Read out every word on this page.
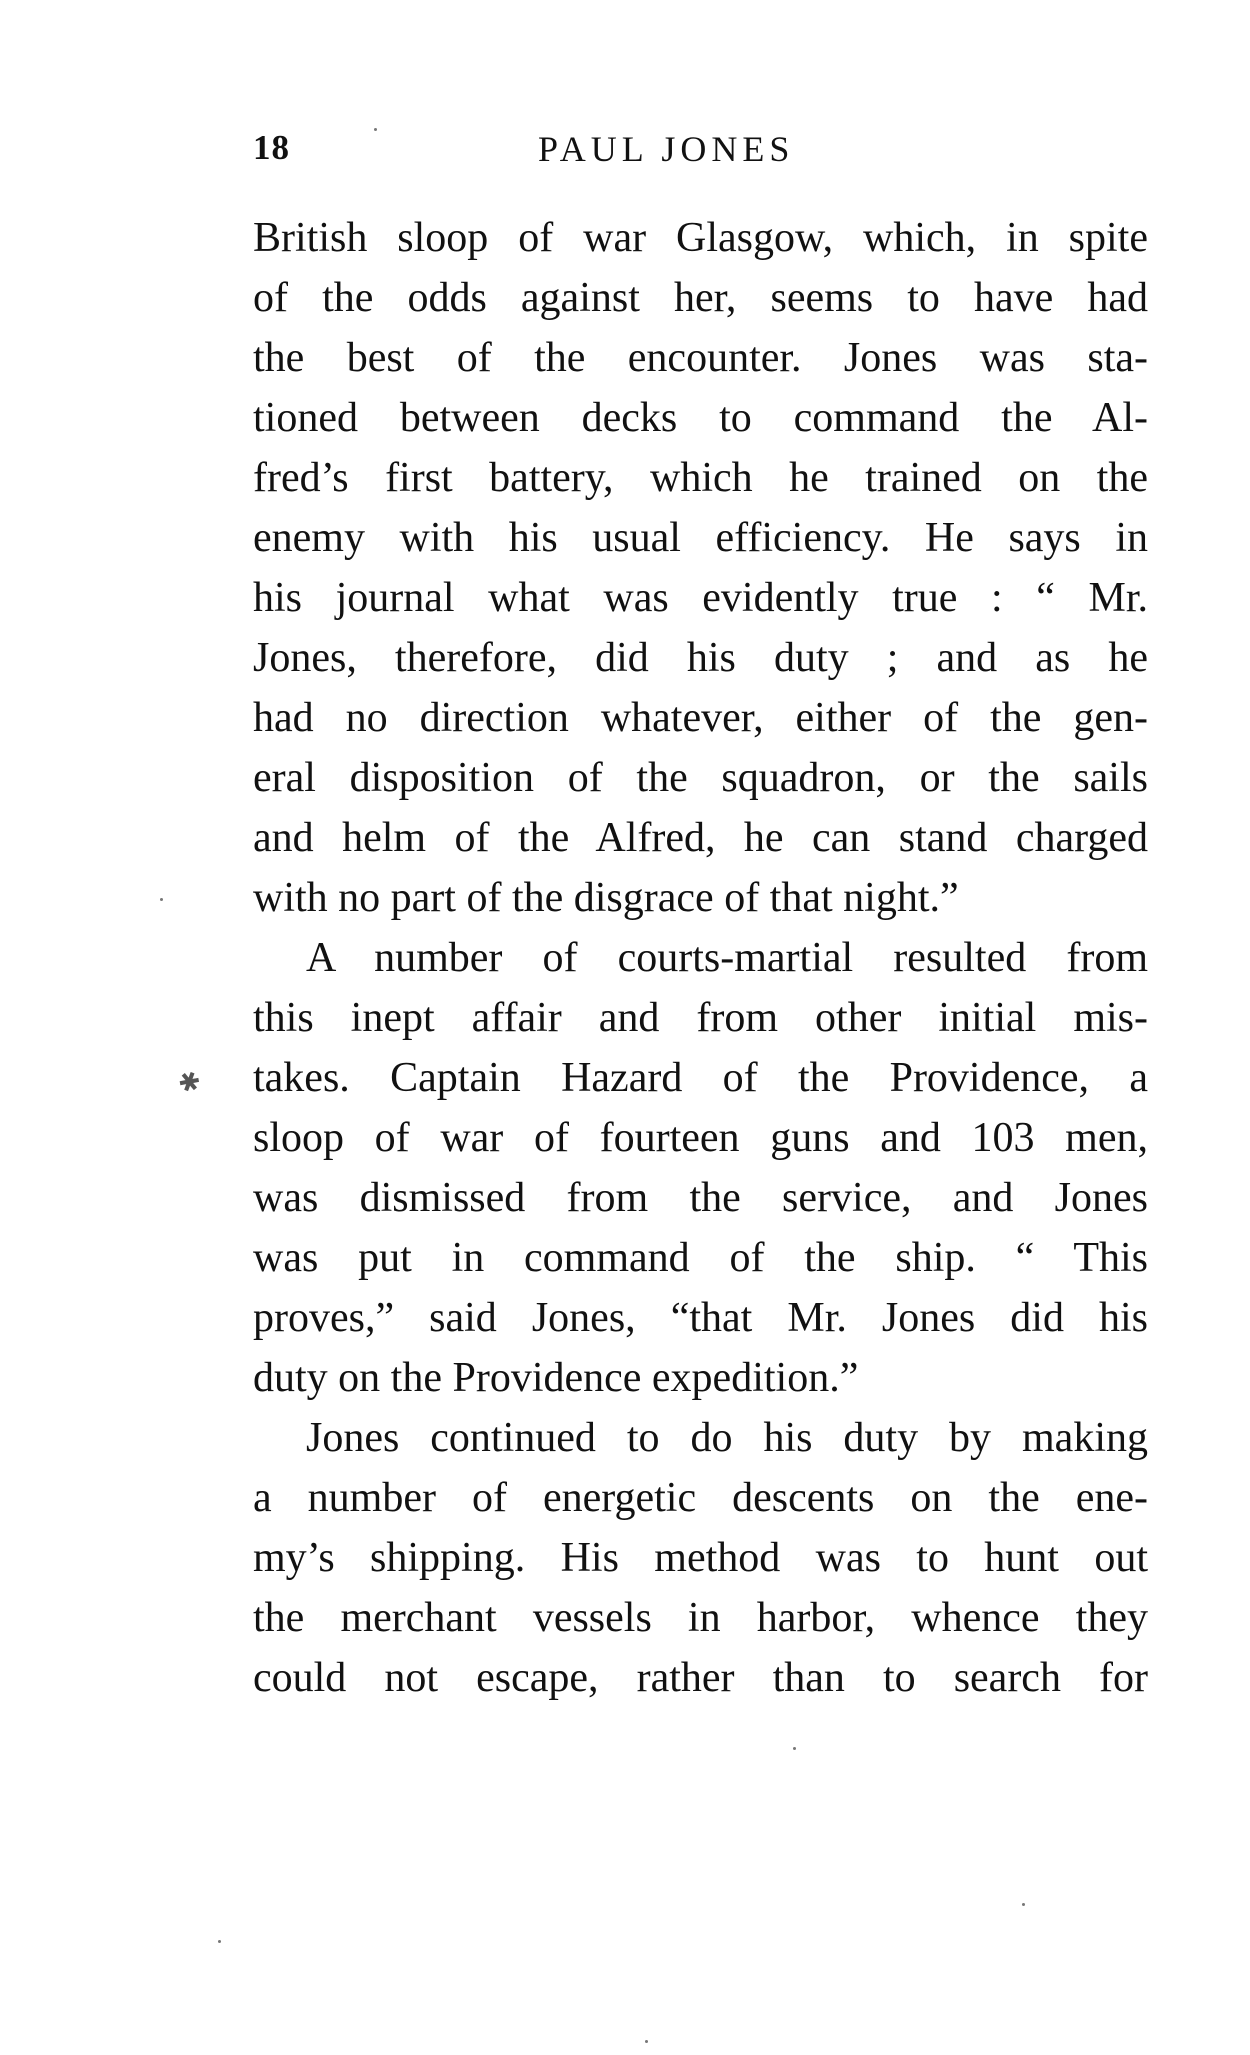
18	PAUL JONES
British sloop of war Glasgow, which, in spite
of the odds against her, seems to have had
the best of the encounter. Jones was sta-
tioned between decks to command the Al-
fred’s first battery, which he trained on the
enemy with his usual efficiency. He says in
his journal what was evidently true : “ Mr.
Jones, therefore, did his duty ; and as he
had no direction whatever, either of the gen-
eral disposition of the squadron, or the sails
and helm of the Alfred, he can stand charged
with no part of the disgrace of that night.”
A number of courts-martial resulted from
this inept affair and from other initial mis-
takes. Captain Hazard of the Providence, a
sloop of war of fourteen guns and 103 men,
was dismissed from the service, and Jones
was put in command of the ship. “ This
proves,” said Jones, “that Mr. Jones did his
duty on the Providence expedition.”
Jones continued to do his duty by making
a number of energetic descents on the ene-
my’s shipping. His method was to hunt out
the merchant vessels in harbor, whence they
could not escape, rather than to search for
✱
